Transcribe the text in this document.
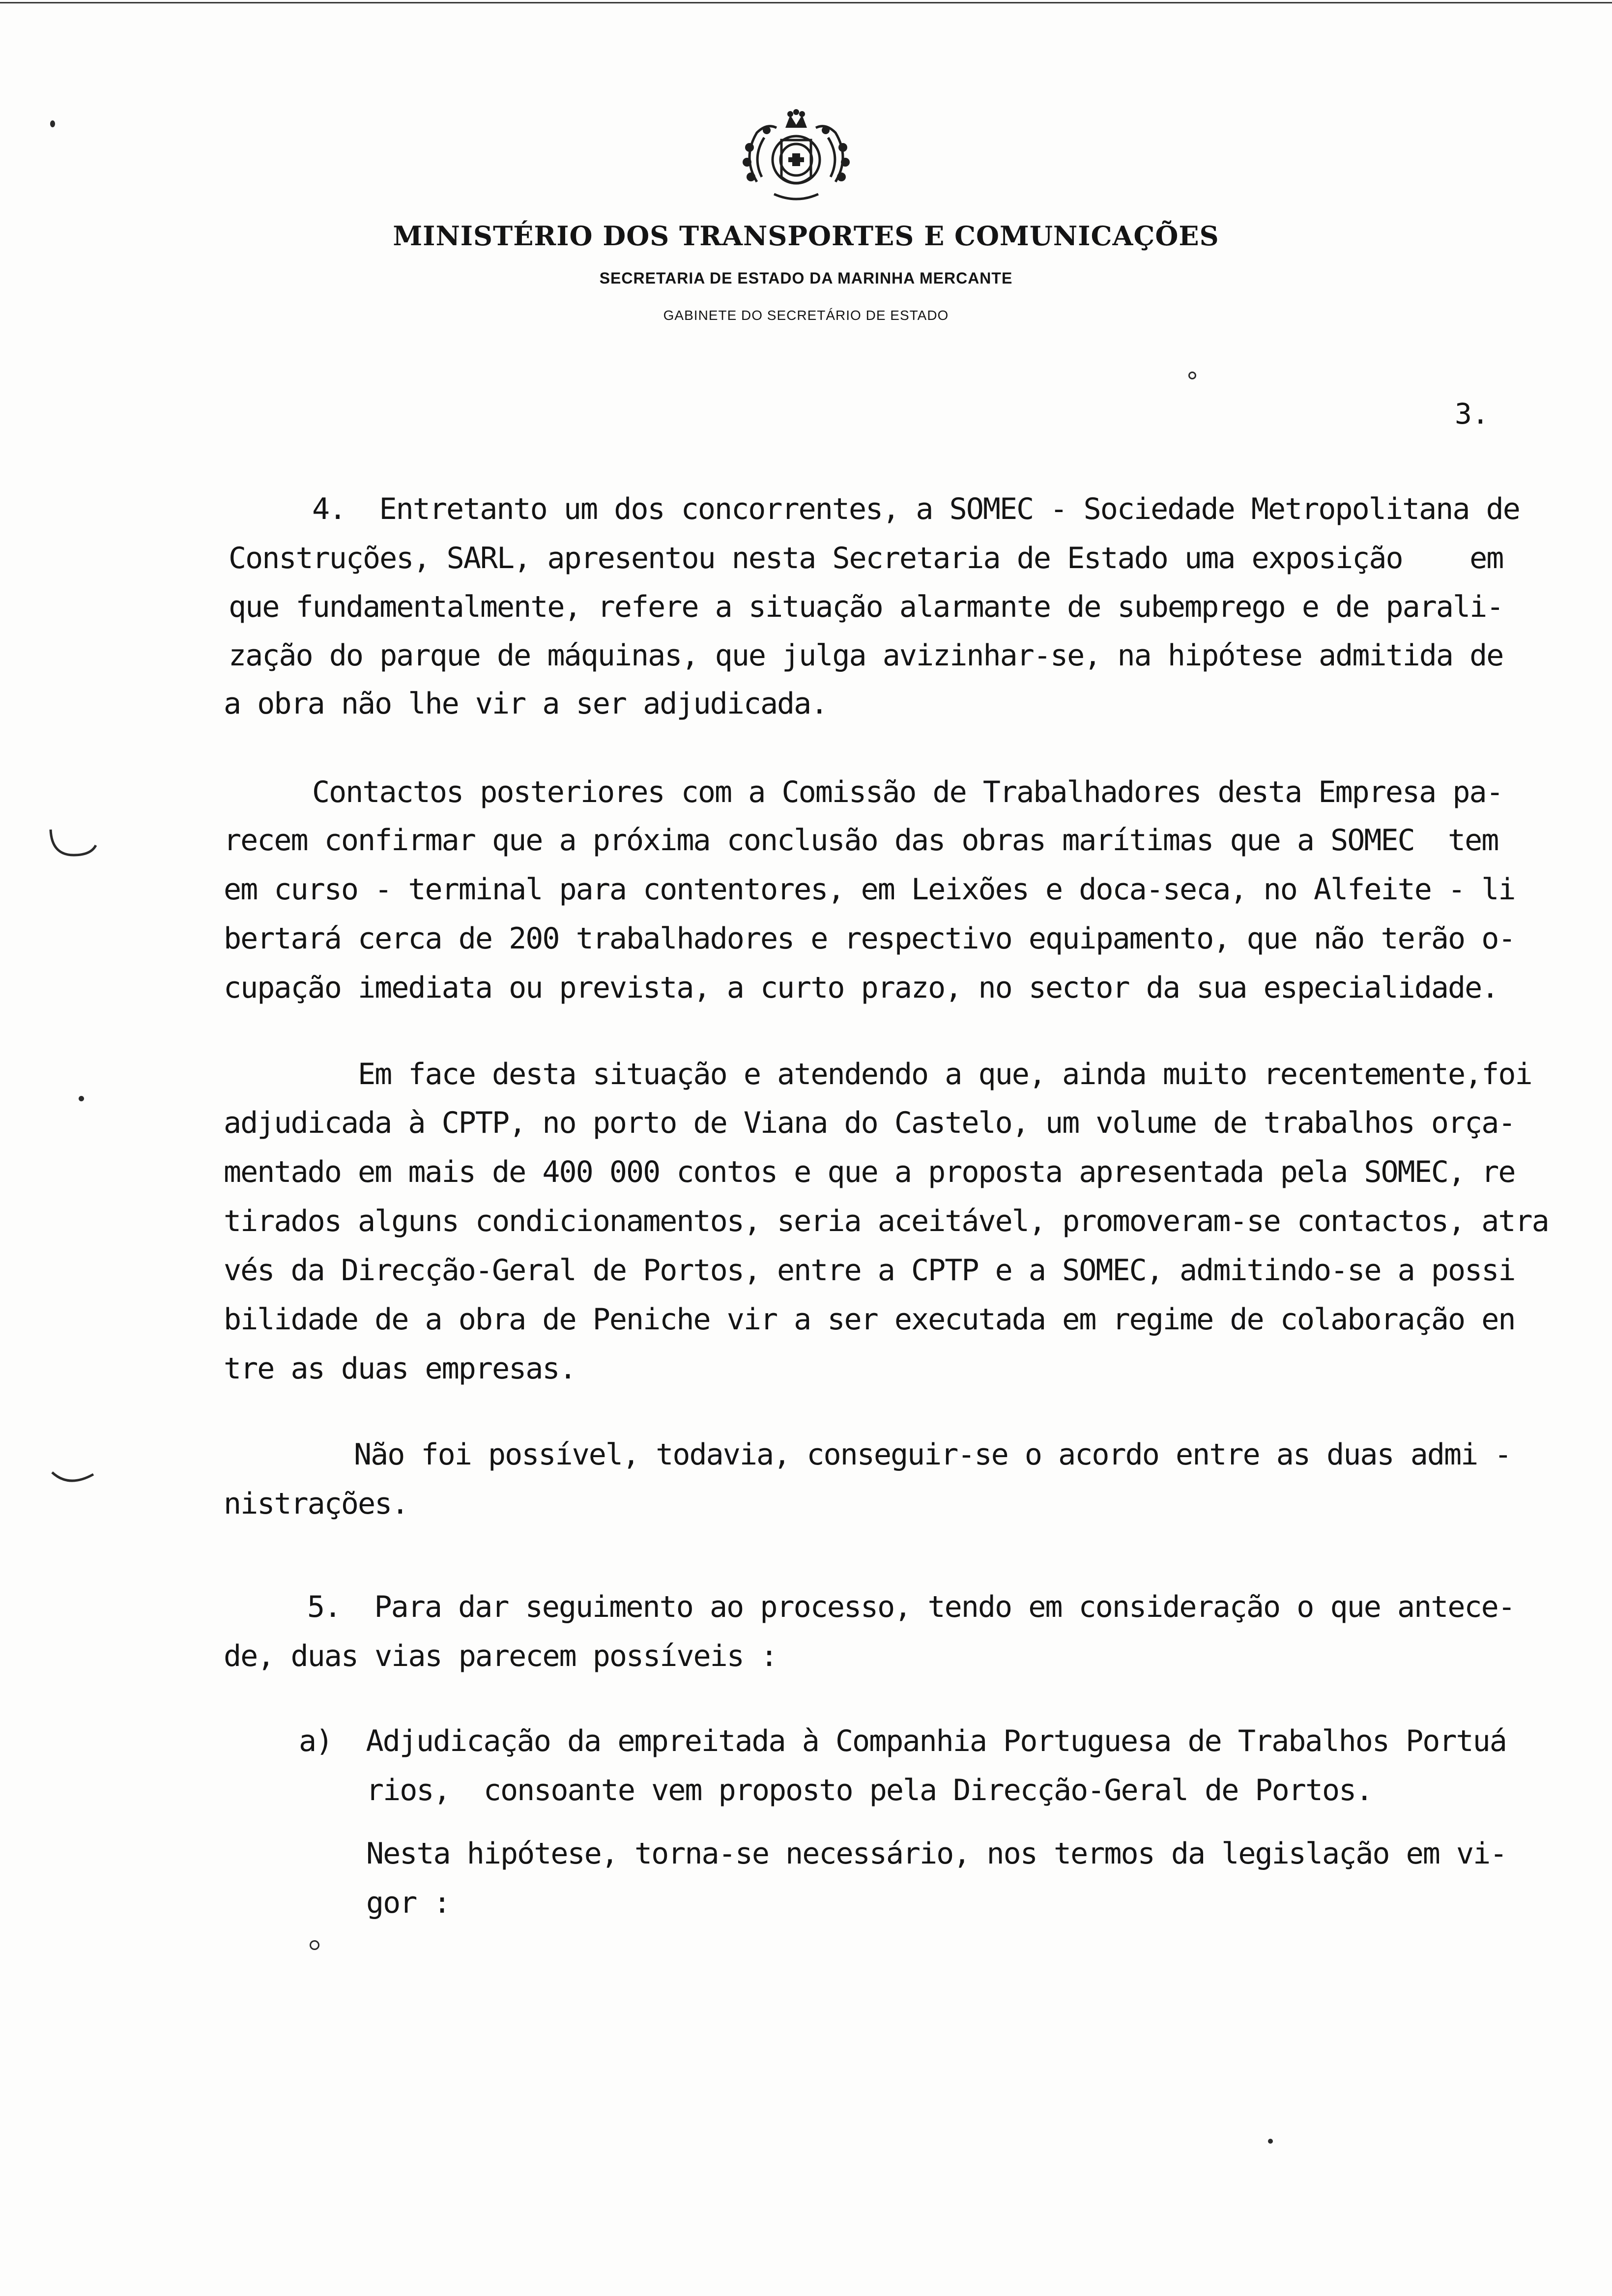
MINISTÉRIO DOS TRANSPORTES E COMUNICAÇÕES
SECRETARIA DE ESTADO DA MARINHA MERCANTE
GABINETE DO SECRETÁRIO DE ESTADO
3.
4.  Entretanto um dos concorrentes, a SOMEC - Sociedade Metropolitana de
Construções, SARL, apresentou nesta Secretaria de Estado uma exposição    em
que fundamentalmente, refere a situação alarmante de subemprego e de parali-
zação do parque de máquinas, que julga avizinhar-se, na hipótese admitida de
a obra não lhe vir a ser adjudicada.
Contactos posteriores com a Comissão de Trabalhadores desta Empresa pa-
recem confirmar que a próxima conclusão das obras marítimas que a SOMEC  tem
em curso - terminal para contentores, em Leixões e doca-seca, no Alfeite - li
bertará cerca de 200 trabalhadores e respectivo equipamento, que não terão o-
cupação imediata ou prevista, a curto prazo, no sector da sua especialidade.
Em face desta situação e atendendo a que, ainda muito recentemente,foi
adjudicada à CPTP, no porto de Viana do Castelo, um volume de trabalhos orça-
mentado em mais de 400 000 contos e que a proposta apresentada pela SOMEC, re
tirados alguns condicionamentos, seria aceitável, promoveram-se contactos, atra
vés da Direcção-Geral de Portos, entre a CPTP e a SOMEC, admitindo-se a possi
bilidade de a obra de Peniche vir a ser executada em regime de colaboração en
tre as duas empresas.
Não foi possível, todavia, conseguir-se o acordo entre as duas admi -
nistrações.
5.  Para dar seguimento ao processo, tendo em consideração o que antece-
de, duas vias parecem possíveis :
a)  Adjudicação da empreitada à Companhia Portuguesa de Trabalhos Portuá
rios,  consoante vem proposto pela Direcção-Geral de Portos.
Nesta hipótese, torna-se necessário, nos termos da legislação em vi-
gor :
